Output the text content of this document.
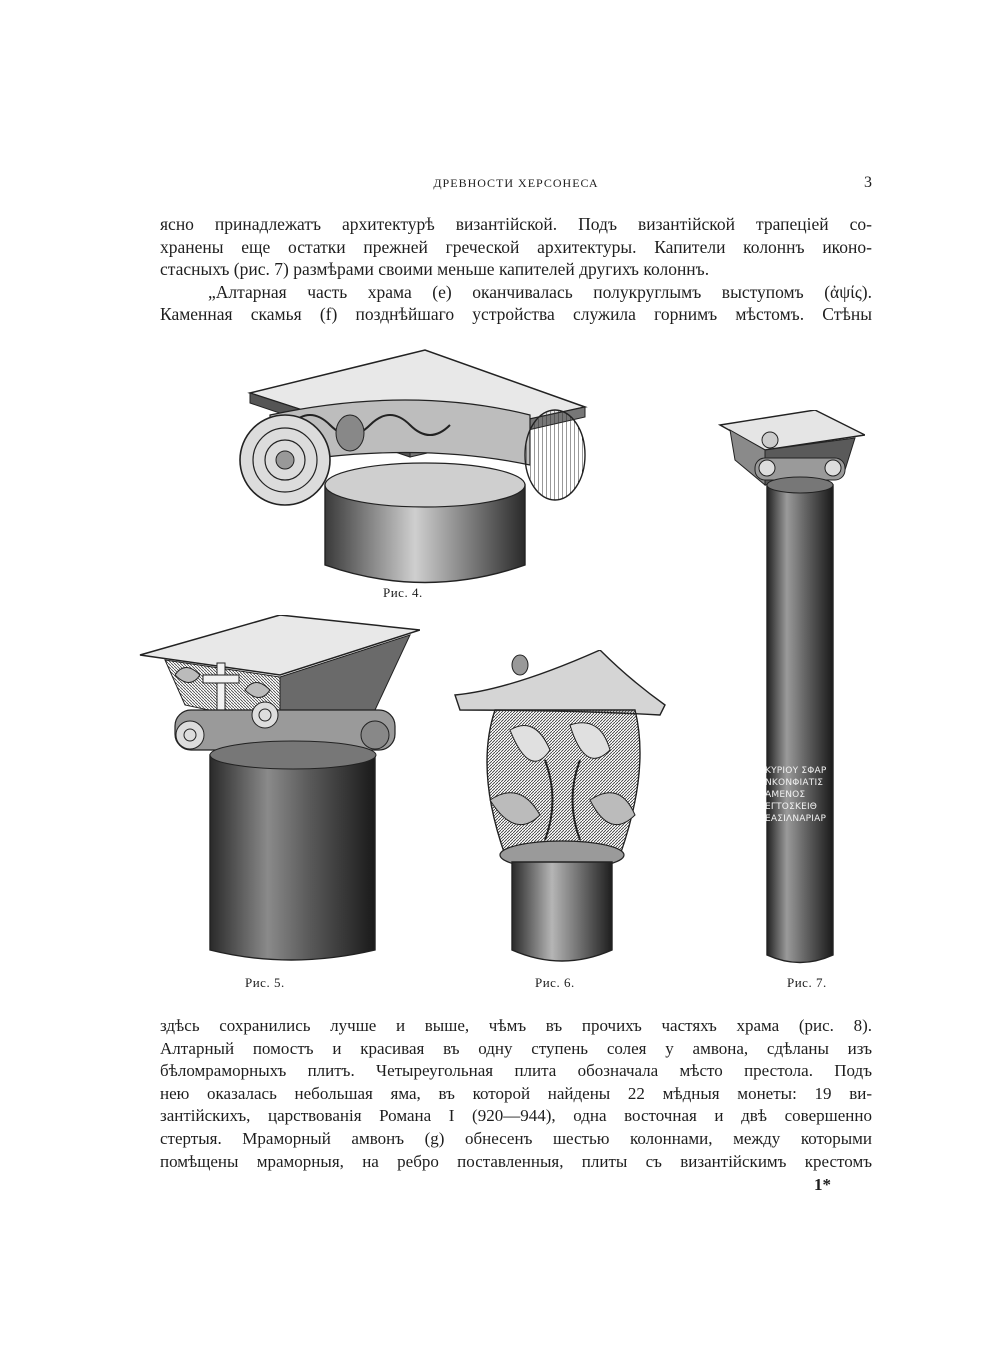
ДРЕВНОСТИ ХЕРСОНЕСА	3
ясно принадлежатъ архитектурѣ византійской. Подъ византійской трапеціей со-
хранены еще остатки прежней греческой архитектуры. Капители колоннъ иконо-
стасныхъ (рис. 7) размѣрами своими меньше капителей другихъ колоннъ.
„Алтарная часть храма (e) оканчивалась полукруглымъ выступомъ (ἀψίς).
Каменная скамья (f) позднѣйшаго устройства служила горнимъ мѣстомъ. Стѣны
Рис. 4.
Рис. 5.	Рис. 6.
ΚΥΡΙΟΥ ΣΦΑΡ
ΝΚΟΝΦΙΑΤΙΣ
ΑΜΕΝΟΣ
ΕΓΤΟΣΚΕΙΘ
ΕΑΣΙΛΝΑΡΙΑΡ
Рис. 7.
здѣсь сохранились лучше и выше, чѣмъ въ прочихъ частяхъ храма (рис. 8).
Алтарный помостъ и красивая въ одну ступень солея у амвона, сдѣланы изъ
бѣломраморныхъ плитъ. Четыреугольная плита обозначала мѣсто престола. Подъ
нею оказалась небольшая яма, въ которой найдены 22 мѣдныя монеты: 19 ви-
зантійскихъ, царствованія Романа I (920—944), одна восточная и двѣ совершенно
стертыя. Мраморный амвонъ (g) обнесенъ шестью колоннами, между которыми
помѣщены мраморныя, на ребро поставленныя, плиты съ византійскимъ крестомъ
1*
